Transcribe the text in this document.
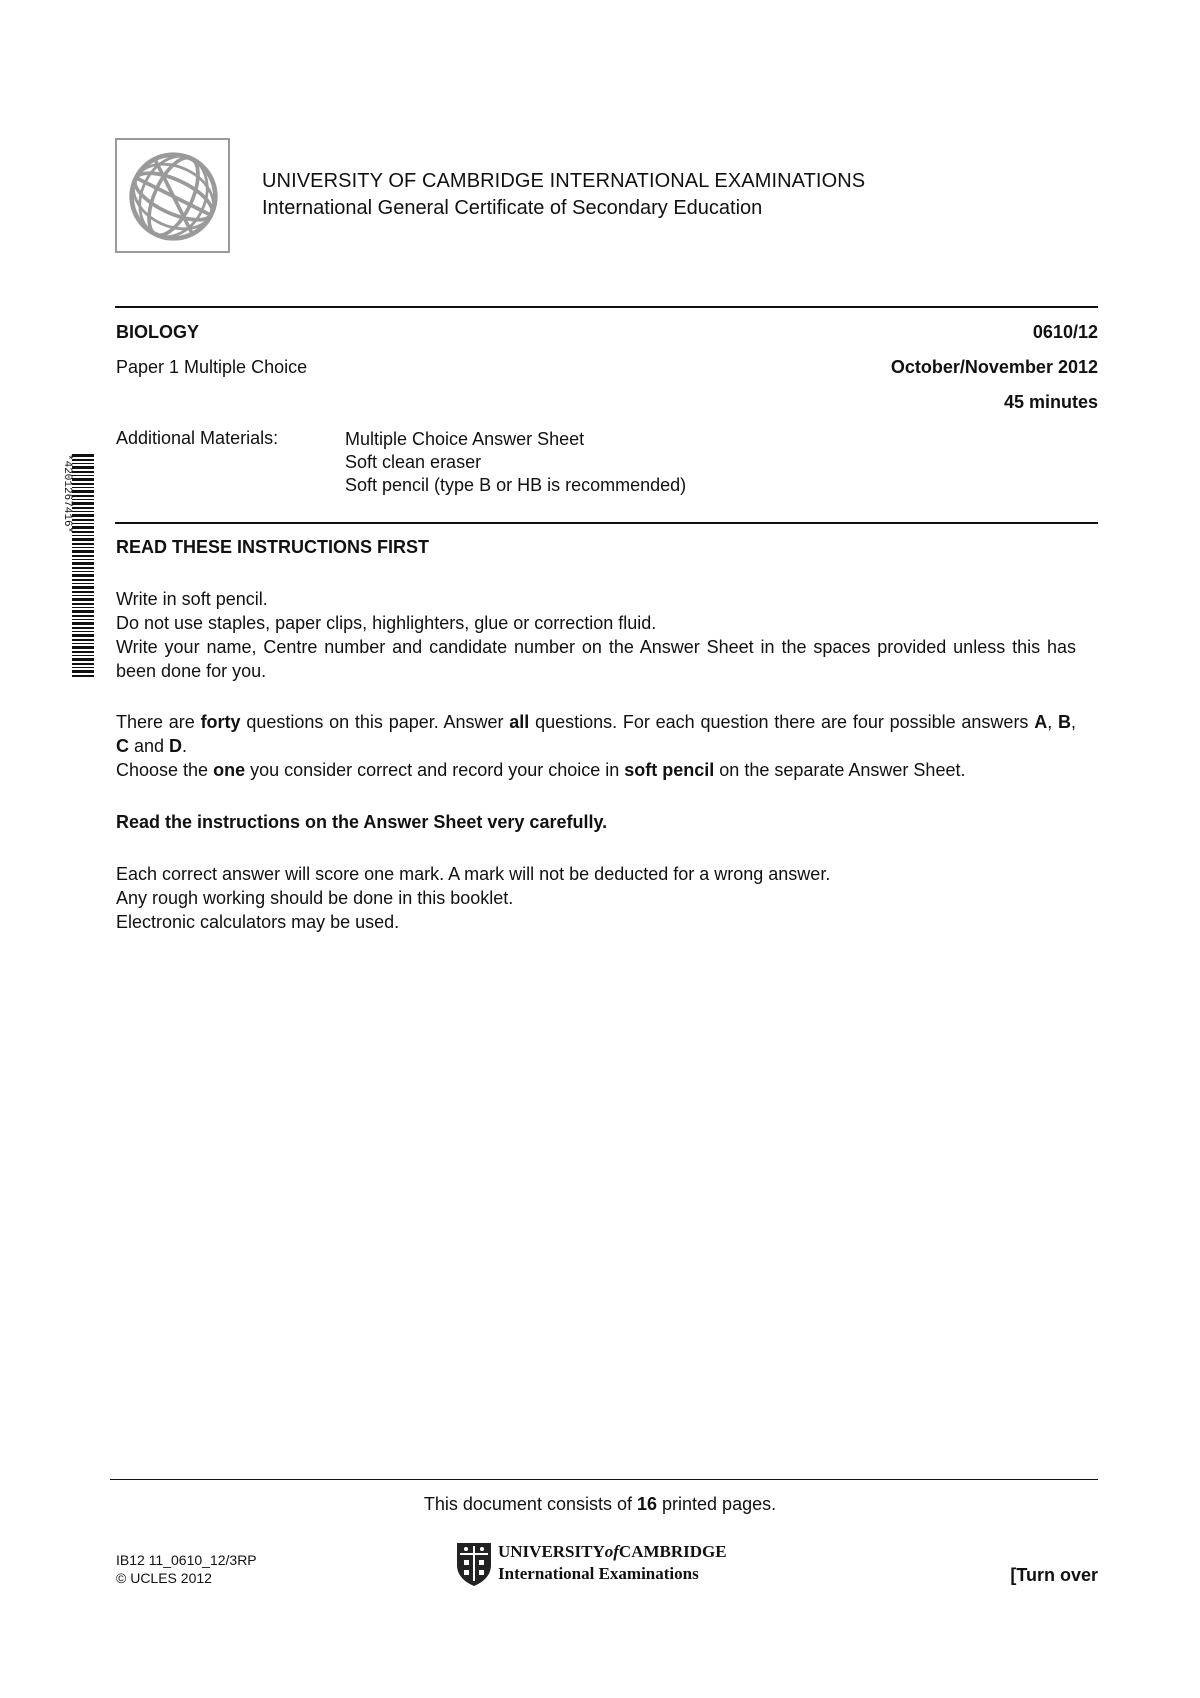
UNIVERSITY OF CAMBRIDGE INTERNATIONAL EXAMINATIONS
International General Certificate of Secondary Education
BIOLOGY	0610/12
Paper 1 Multiple Choice	October/November 2012
45 minutes
Additional Materials:	Multiple Choice Answer Sheet
Soft clean eraser
Soft pencil (type B or HB is recommended)
*4201267416*
READ THESE INSTRUCTIONS FIRST
Write in soft pencil.
Do not use staples, paper clips, highlighters, glue or correction fluid.
Write your name, Centre number and candidate number on the Answer Sheet in the spaces provided unless this has been done for you.
There are forty questions on this paper. Answer all questions. For each question there are four possible answers A, B, C and D.
Choose the one you consider correct and record your choice in soft pencil on the separate Answer Sheet.
Read the instructions on the Answer Sheet very carefully.
Each correct answer will score one mark. A mark will not be deducted for a wrong answer.
Any rough working should be done in this booklet.
Electronic calculators may be used.
This document consists of 16 printed pages.
IB12 11_0610_12/3RP
© UCLES 2012
UNIVERSITYofCAMBRIDGE
International Examinations	[Turn over
